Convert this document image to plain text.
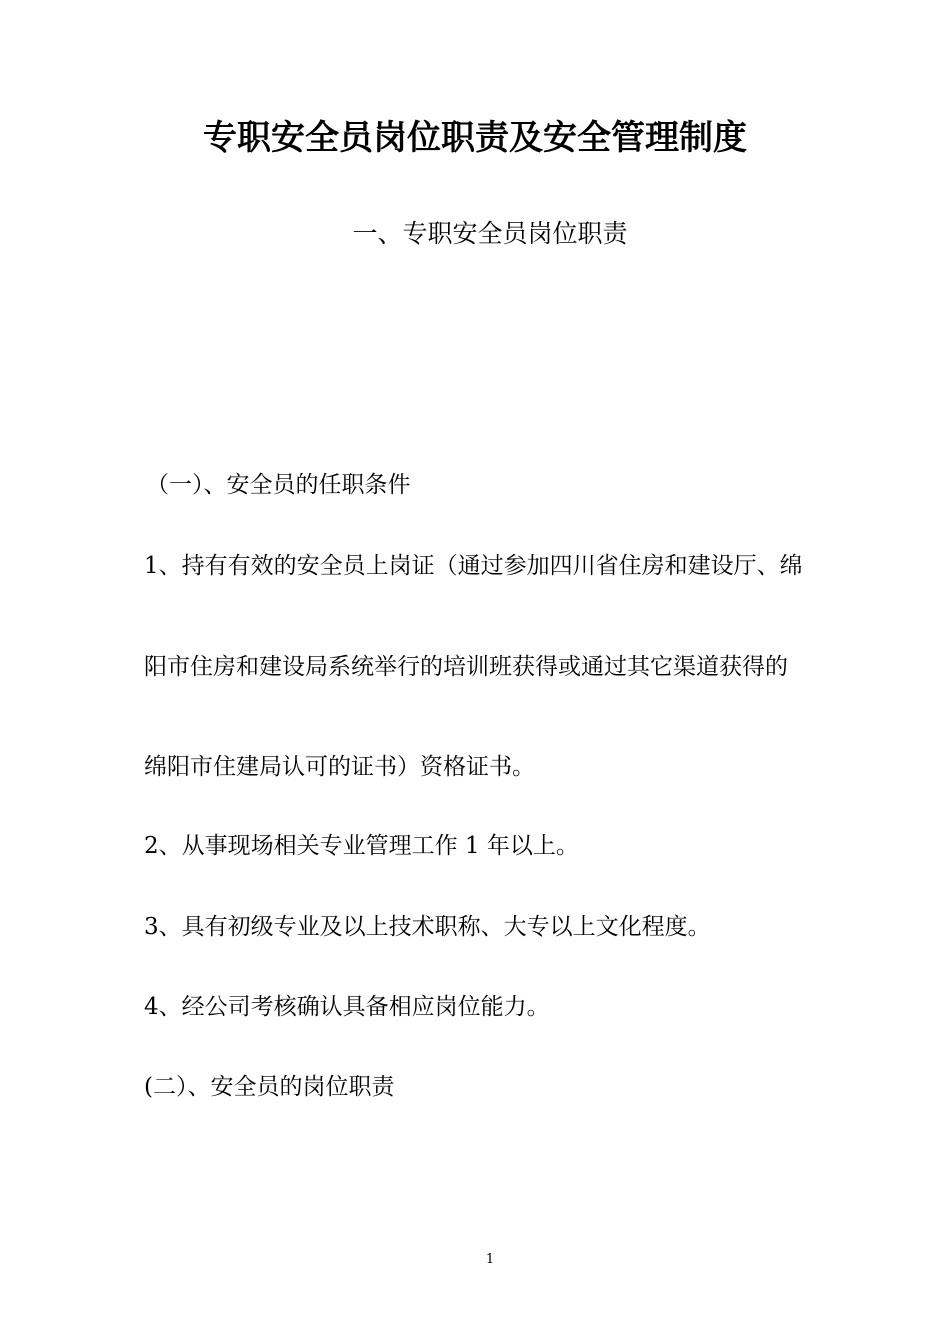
专职安全员岗位职责及安全管理制度
一、专职安全员岗位职责
（一）、安全员的任职条件
1、持有有效的安全员上岗证（通过参加四川省住房和建设厅、绵
阳市住房和建设局系统举行的培训班获得或通过其它渠道获得的
绵阳市住建局认可的证书）资格证书。
2、从事现场相关专业管理工作 1 年以上。
3、具有初级专业及以上技术职称、大专以上文化程度。
4、经公司考核确认具备相应岗位能力。
(二）、安全员的岗位职责
1
